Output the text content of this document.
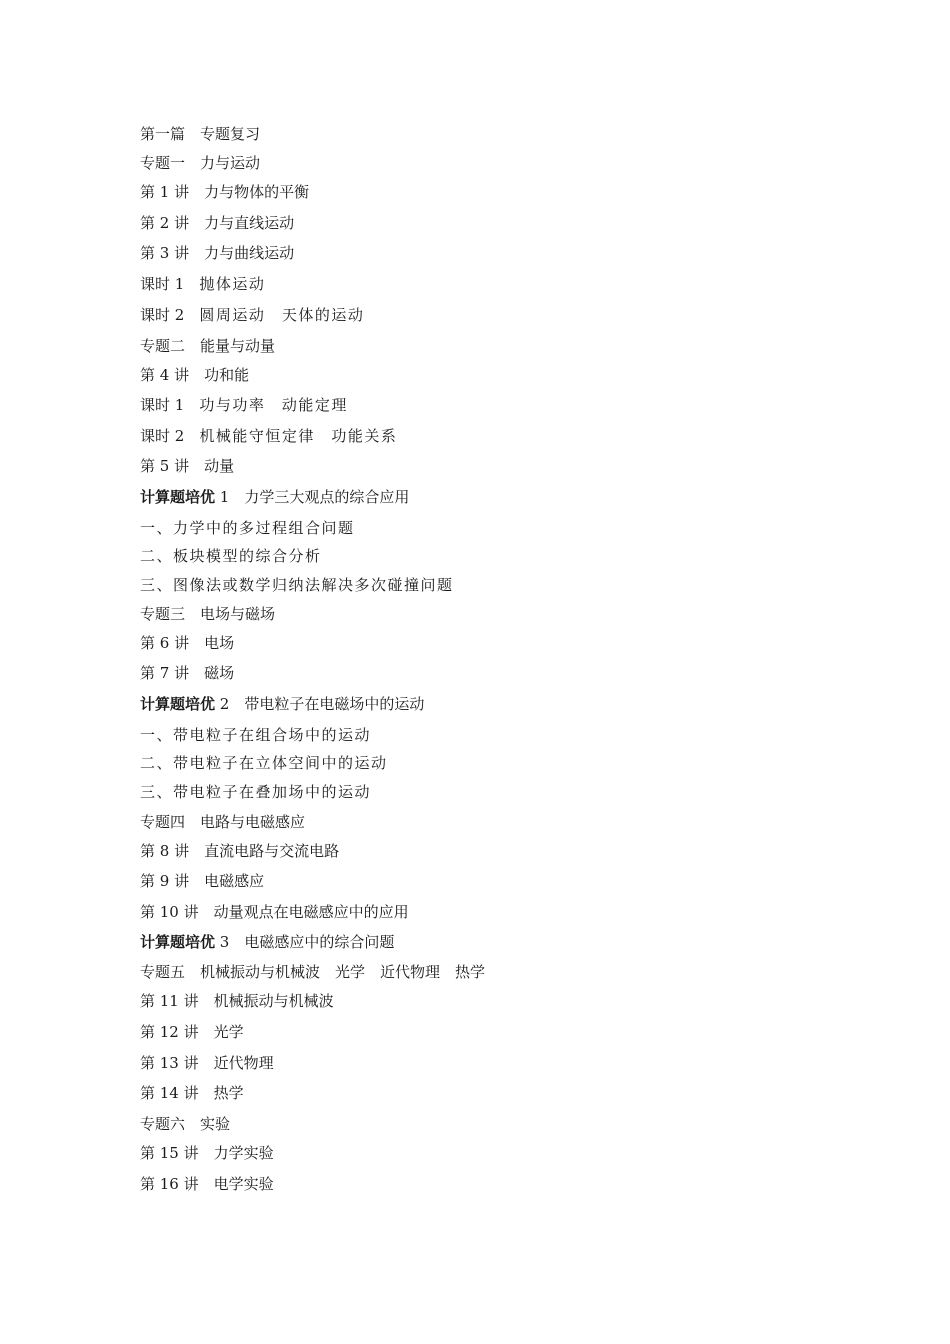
第一篇　 专题复习
专题一　 力与运动
第 1 讲　 力与物体的平衡
第 2 讲　 力与直线运动
第 3 讲　 力与曲线运动
课时 1　 抛体运动
课时 2　 圆周运动　天体的运动
专题二　 能量与动量
第 4 讲　 功和能
课时 1　 功与功率　动能定理
课时 2　 机械能守恒定律　功能关系
第 5 讲　 动量
计算题培优 1　 力学三大观点的综合应用
一、力学中的多过程组合问题
二、板块模型的综合分析
三、图像法或数学归纳法解决多次碰撞问题
专题三　 电场与磁场
第 6 讲　 电场
第 7 讲　 磁场
计算题培优 2　 带电粒子在电磁场中的运动
一、带电粒子在组合场中的运动
二、带电粒子在立体空间中的运动
三、带电粒子在叠加场中的运动
专题四　 电路与电磁感应
第 8 讲　 直流电路与交流电路
第 9 讲　 电磁感应
第 10 讲　 动量观点在电磁感应中的应用
计算题培优 3　 电磁感应中的综合问题
专题五　 机械振动与机械波　光学　近代物理　热学
第 11 讲　 机械振动与机械波
第 12 讲　 光学
第 13 讲　 近代物理
第 14 讲　 热学
专题六　 实验
第 15 讲　 力学实验
第 16 讲　 电学实验
